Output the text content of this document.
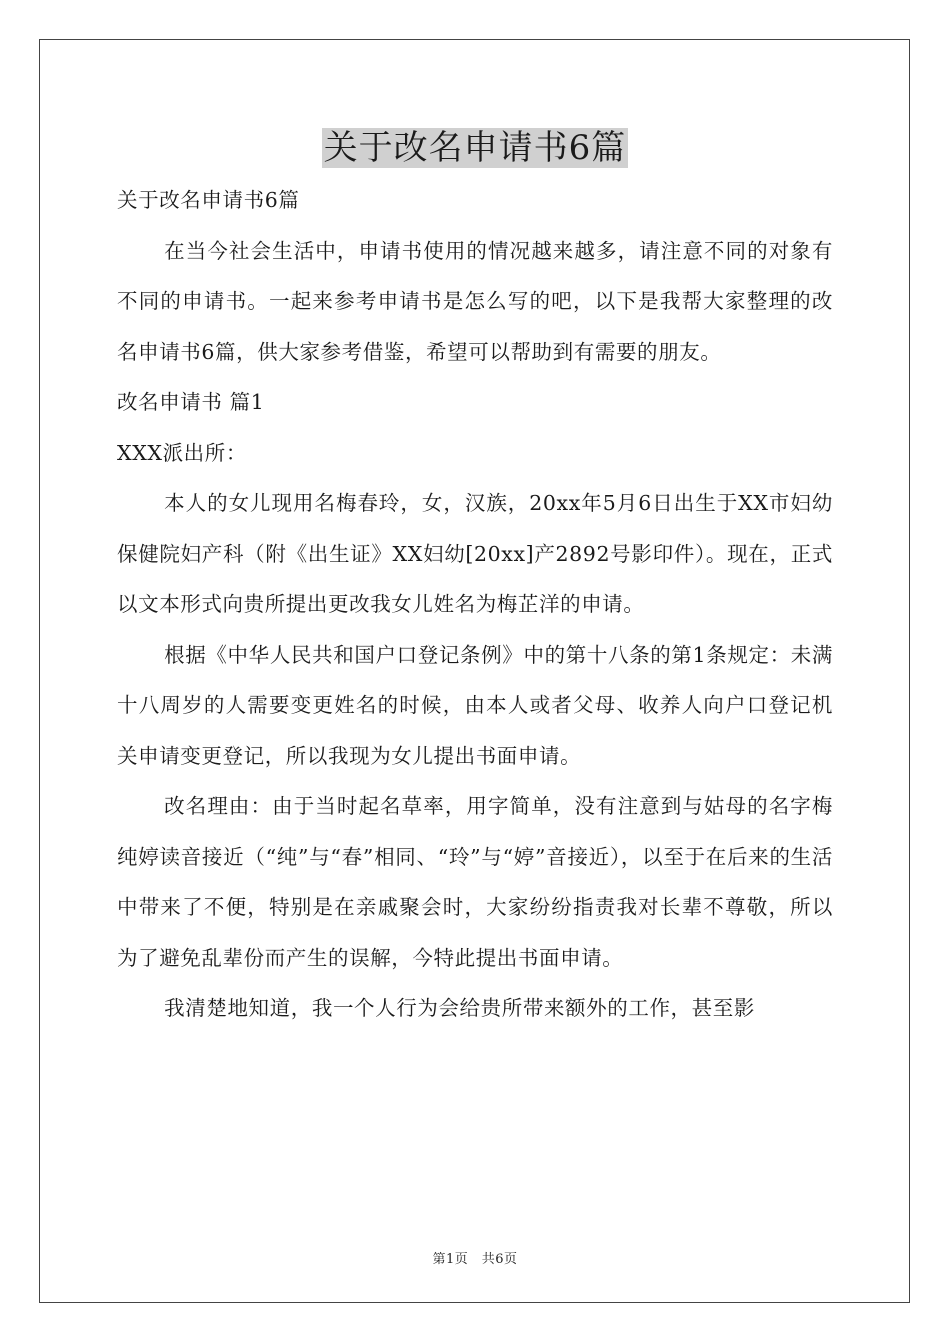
关于改名申请书6篇

关于改名申请书6篇

在当今社会生活中，申请书使用的情况越来越多，请注意不同的对象有不同的申请书。一起来参考申请书是怎么写的吧，以下是我帮大家整理的改名申请书6篇，供大家参考借鉴，希望可以帮助到有需要的朋友。

改名申请书 篇1

XXX派出所：

本人的女儿现用名梅春玲，女，汉族，20xx年5月6日出生于XX市妇幼保健院妇产科（附《出生证》XX妇幼[20xx]产2892号影印件）。现在，正式以文本形式向贵所提出更改我女儿姓名为梅芷洋的申请。

根据《中华人民共和国户口登记条例》中的第十八条的第1条规定：未满十八周岁的人需要变更姓名的时候，由本人或者父母、收养人向户口登记机关申请变更登记，所以我现为女儿提出书面申请。

改名理由：由于当时起名草率，用字简单，没有注意到与姑母的名字梅纯婷读音接近（“纯”与“春”相同、“玲”与“婷”音接近），以至于在后来的生活中带来了不便，特别是在亲戚聚会时，大家纷纷指责我对长辈不尊敬，所以为了避免乱辈份而产生的误解，今特此提出书面申请。

我清楚地知道，我一个人行为会给贵所带来额外的工作，甚至影

第1页　共6页
